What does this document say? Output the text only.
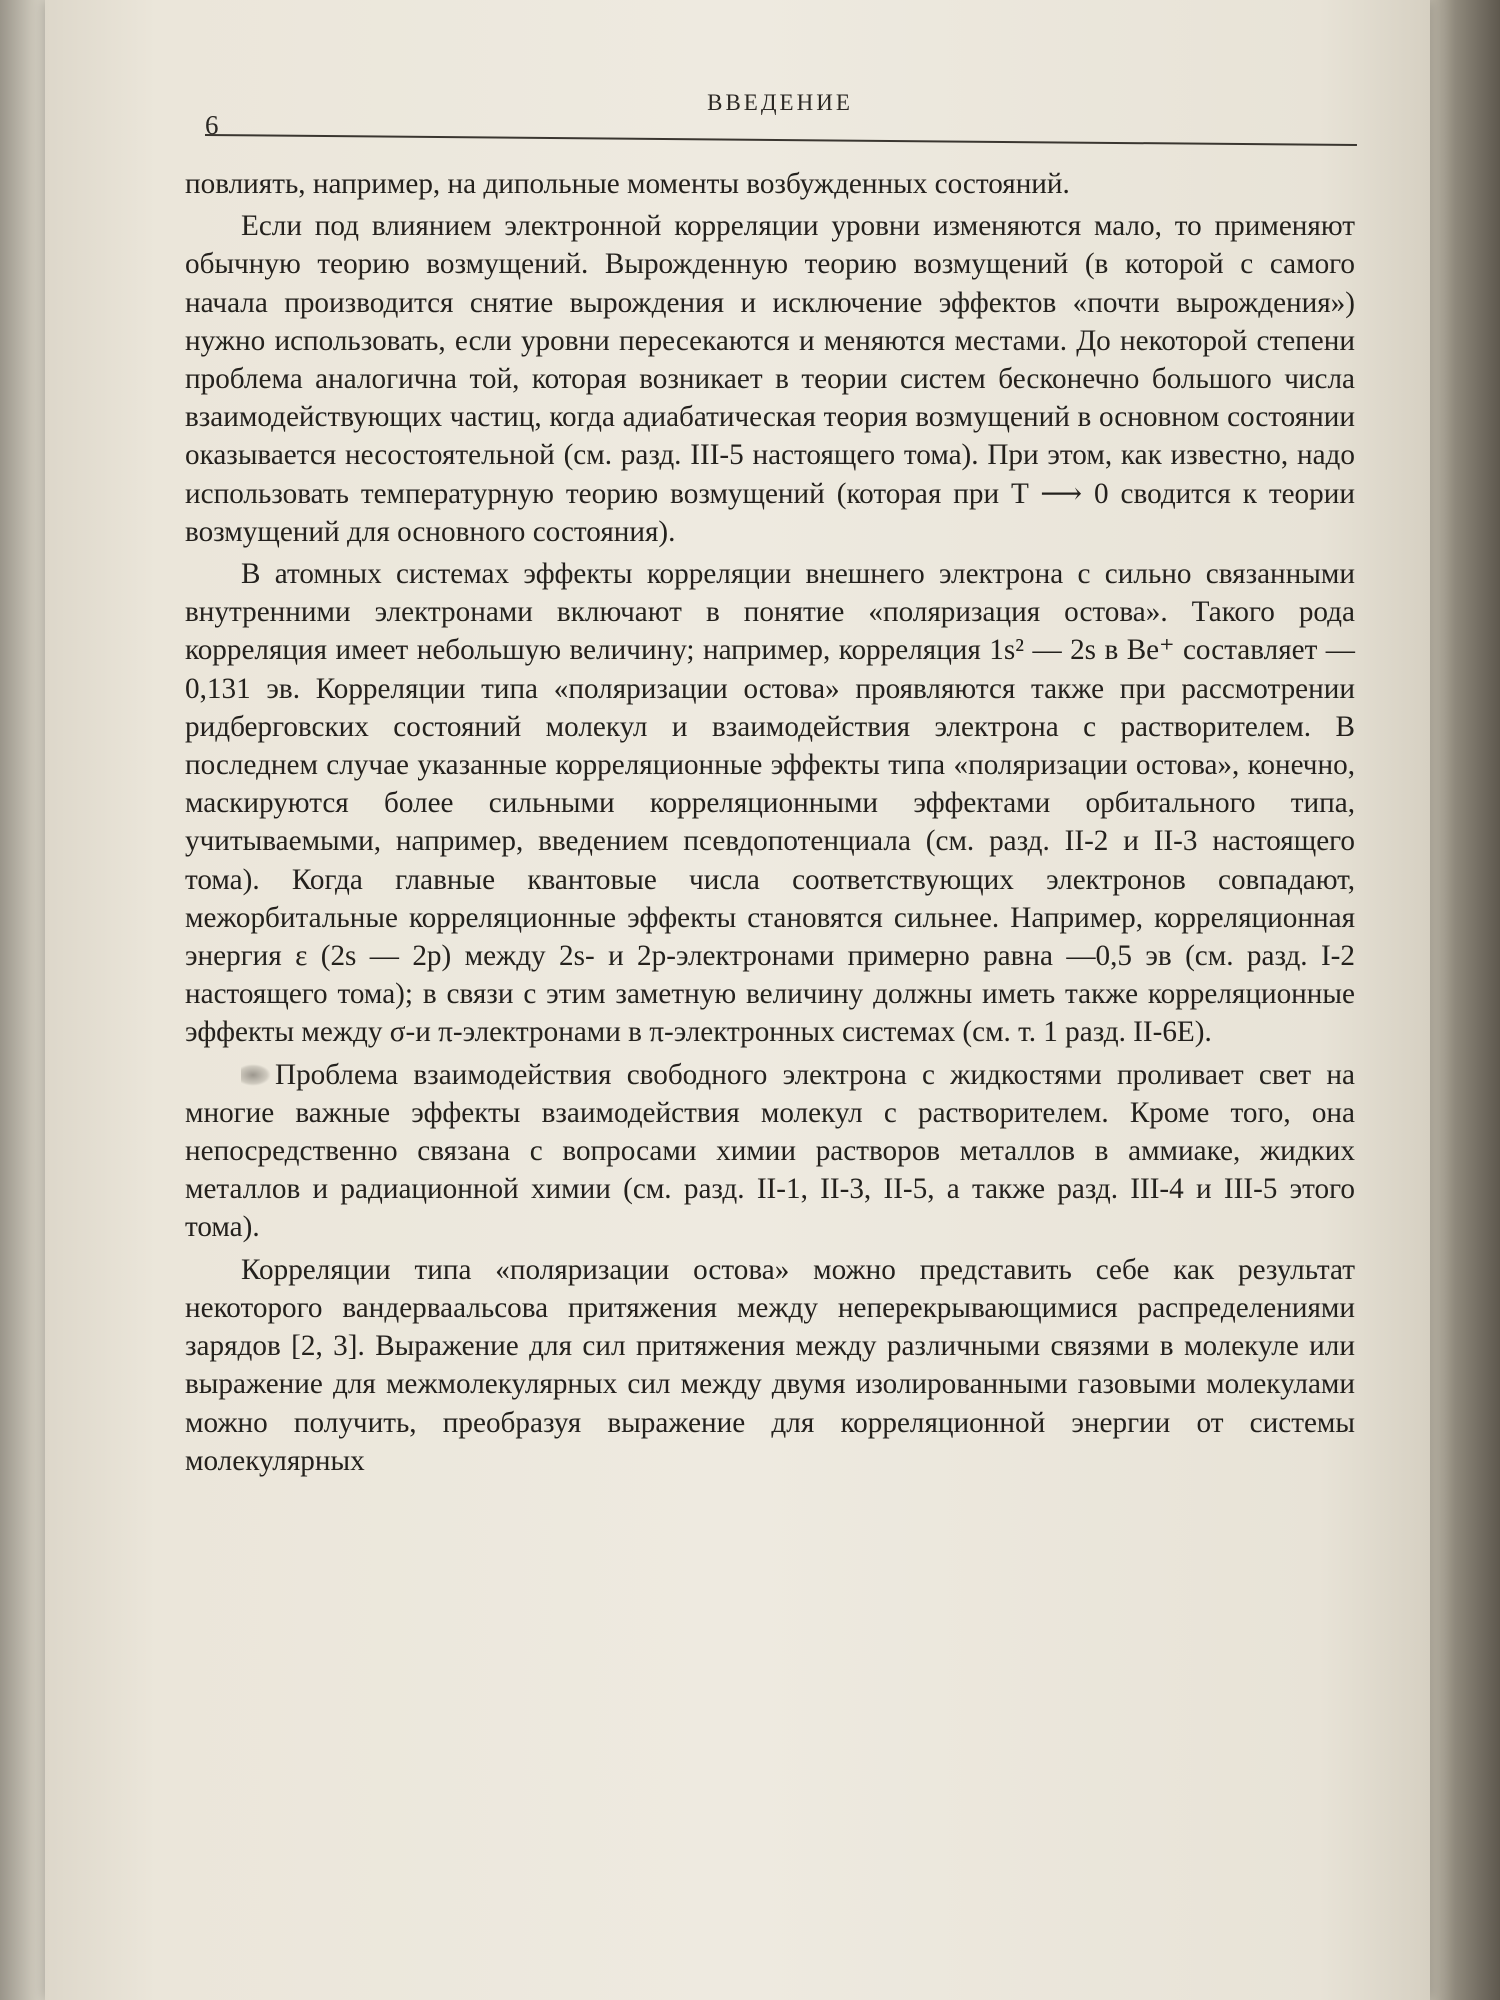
6
ВВЕДЕНИЕ

повлиять, например, на дипольные моменты возбужденных состояний.

Если под влиянием электронной корреляции уровни изменяются мало, то применяют обычную теорию возмущений. Вырожденную теорию возмущений (в которой с самого начала производится снятие вырождения и исключение эффектов «почти вырождения») нужно использовать, если уровни пересекаются и меняются местами. До некоторой степени проблема аналогична той, которая возникает в теории систем бесконечно большого числа взаимодействующих частиц, когда адиабатическая теория возмущений в основном состоянии оказывается несостоятельной (см. разд. III-5 настоящего тома). При этом, как известно, надо использовать температурную теорию возмущений (которая при T ⟶ 0 сводится к теории возмущений для основного состояния).

В атомных системах эффекты корреляции внешнего электрона с сильно связанными внутренними электронами включают в понятие «поляризация остова». Такого рода корреляция имеет небольшую величину; например, корреляция 1s² — 2s в Be⁺ составляет —0,131 эв. Корреляции типа «поляризации остова» проявляются также при рассмотрении ридберговских состояний молекул и взаимодействия электрона с растворителем. В последнем случае указанные корреляционные эффекты типа «поляризации остова», конечно, маскируются более сильными корреляционными эффектами орбитального типа, учитываемыми, например, введением псевдопотенциала (см. разд. II-2 и II-3 настоящего тома). Когда главные квантовые числа соответствующих электронов совпадают, межорбитальные корреляционные эффекты становятся сильнее. Например, корреляционная энергия ε (2s — 2p) между 2s- и 2p-электронами примерно равна —0,5 эв (см. разд. I-2 настоящего тома); в связи с этим заметную величину должны иметь также корреляционные эффекты между σ-и π-электронами в π-электронных системах (см. т. 1 разд. II-6E).

Проблема взаимодействия свободного электрона с жидкостями проливает свет на многие важные эффекты взаимодействия молекул с растворителем. Кроме того, она непосредственно связана с вопросами химии растворов металлов в аммиаке, жидких металлов и радиационной химии (см. разд. II-1, II-3, II-5, а также разд. III-4 и III-5 этого тома).

Корреляции типа «поляризации остова» можно представить себе как результат некоторого вандерваальсова притяжения между неперекрывающимися распределениями зарядов [2, 3]. Выражение для сил притяжения между различными связями в молекуле или выражение для межмолекулярных сил между двумя изолированными газовыми молекулами можно получить, преобразуя выражение для корреляционной энергии от системы молекулярных
